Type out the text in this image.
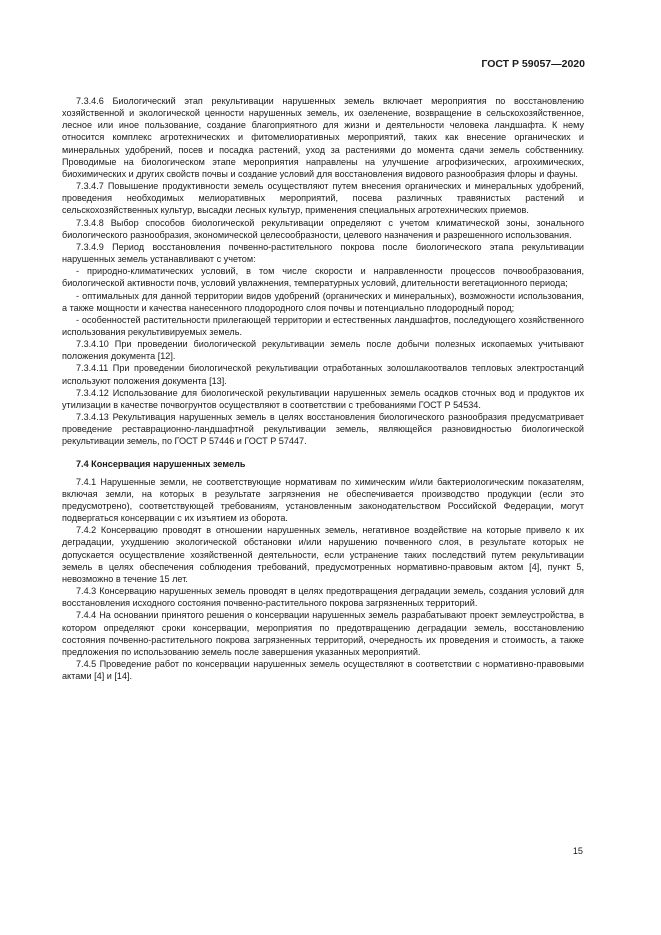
ГОСТ Р 59057—2020

7.3.4.6 Биологический этап рекультивации нарушенных земель включает мероприятия по восстановлению хозяйственной и экологической ценности нарушенных земель, их озеленение, возвращение в сельскохозяйственное, лесное или иное пользование, создание благоприятного для жизни и деятельности человека ландшафта. К нему относится комплекс агротехнических и фитомелиоративных мероприятий, таких как внесение органических и минеральных удобрений, посев и посадка растений, уход за растениями до момента сдачи земель собственнику. Проводимые на биологическом этапе мероприятия направлены на улучшение агрофизических, агрохимических, биохимических и других свойств почвы и создание условий для восстановления видового разнообразия флоры и фауны.

7.3.4.7 Повышение продуктивности земель осуществляют путем внесения органических и минеральных удобрений, проведения необходимых мелиоративных мероприятий, посева различных травянистых растений и сельскохозяйственных культур, высадки лесных культур, применения специальных агротехнических приемов.

7.3.4.8 Выбор способов биологической рекультивации определяют с учетом климатической зоны, зонального биологического разнообразия, экономической целесообразности, целевого назначения и разрешенного использования.

7.3.4.9 Период восстановления почвенно-растительного покрова после биологического этапа рекультивации нарушенных земель устанавливают с учетом:

- природно-климатических условий, в том числе скорости и направленности процессов почвообразования, биологической активности почв, условий увлажнения, температурных условий, длительности вегетационного периода;

- оптимальных для данной территории видов удобрений (органических и минеральных), возможности использования, а также мощности и качества нанесенного плодородного слоя почвы и потенциально плодородный пород;

- особенностей растительности прилегающей территории и естественных ландшафтов, последующего хозяйственного использования рекультивируемых земель.

7.3.4.10 При проведении биологической рекультивации земель после добычи полезных ископаемых учитывают положения документа [12].

7.3.4.11 При проведении биологической рекультивации отработанных золошлакоотвалов тепловых электростанций используют положения документа [13].

7.3.4.12 Использование для биологической рекультивации нарушенных земель осадков сточных вод и продуктов их утилизации в качестве почвогрунтов осуществляют в соответствии с требованиями ГОСТ Р 54534.

7.3.4.13 Рекультивация нарушенных земель в целях восстановления биологического разнообразия предусматривает проведение реставрационно-ландшафтной рекультивации земель, являющейся разновидностью биологической рекультивации земель, по ГОСТ Р 57446 и ГОСТ Р 57447.

7.4 Консервация нарушенных земель

7.4.1 Нарушенные земли, не соответствующие нормативам по химическим и/или бактериологическим показателям, включая земли, на которых в результате загрязнения не обеспечивается производство продукции (если это предусмотрено), соответствующей требованиям, установленным законодательством Российской Федерации, могут подвергаться консервации с их изъятием из оборота.

7.4.2 Консервацию проводят в отношении нарушенных земель, негативное воздействие на которые привело к их деградации, ухудшению экологической обстановки и/или нарушению почвенного слоя, в результате которых не допускается осуществление хозяйственной деятельности, если устранение таких последствий путем рекультивации земель в целях обеспечения соблюдения требований, предусмотренных нормативно-правовым актом [4], пункт 5, невозможно в течение 15 лет.

7.4.3 Консервацию нарушенных земель проводят в целях предотвращения деградации земель, создания условий для восстановления исходного состояния почвенно-растительного покрова загрязненных территорий.

7.4.4 На основании принятого решения о консервации нарушенных земель разрабатывают проект землеустройства, в котором определяют сроки консервации, мероприятия по предотвращению деградации земель, восстановлению состояния почвенно-растительного покрова загрязненных территорий, очередность их проведения и стоимость, а также предложения по использованию земель после завершения указанных мероприятий.

7.4.5 Проведение работ по консервации нарушенных земель осуществляют в соответствии с нормативно-правовыми актами [4] и [14].

15
